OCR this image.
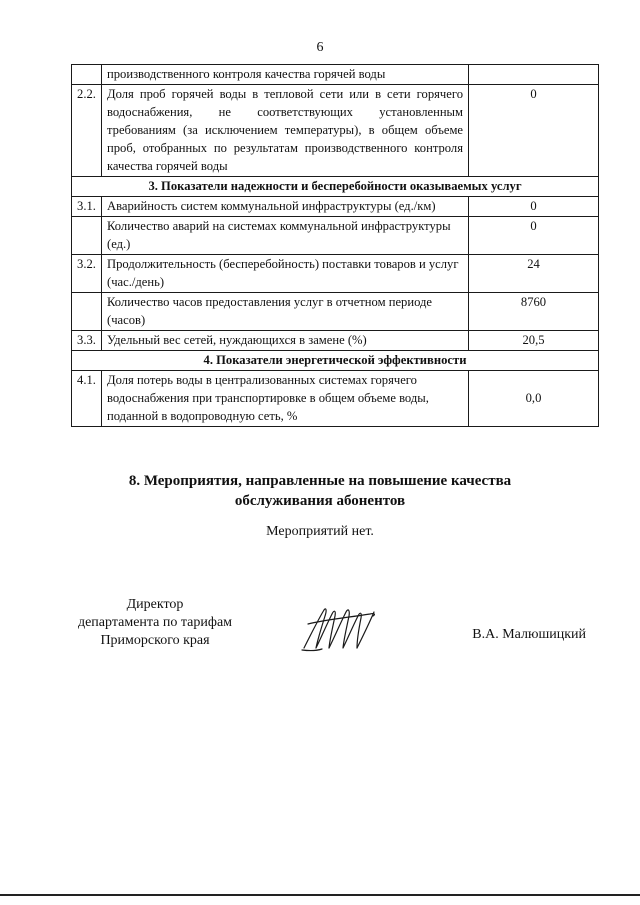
6
	производственного контроля качества горячей воды	
2.2.	Доля проб горячей воды в тепловой сети или в сети горячего водоснабжения, не соответствующих установленным требованиям (за исключением температуры), в общем объеме проб, отобранных по результатам производственного контроля качества горячей воды	0
3. Показатели надежности и бесперебойности оказываемых услуг		
3.1.	Аварийность систем коммунальной инфраструктуры (ед./км)	0
	Количество аварий на системах коммунальной инфраструктуры (ед.)	0
3.2.	Продолжительность (бесперебойность) поставки товаров и услуг (час./день)	24
	Количество часов предоставления услуг в отчетном периоде (часов)	8760
3.3.	Удельный вес сетей, нуждающихся в замене (%)	20,5
4. Показатели энергетической эффективности		
4.1.	Доля потерь воды в централизованных системах горячего водоснабжения при транспортировке в общем объеме воды, поданной в водопроводную сеть, %	0,0
8. Мероприятия, направленные на повышение качества
обслуживания абонентов
Мероприятий нет.
Директор
департамента по тарифам
Приморского края	В.А. Малюшицкий
